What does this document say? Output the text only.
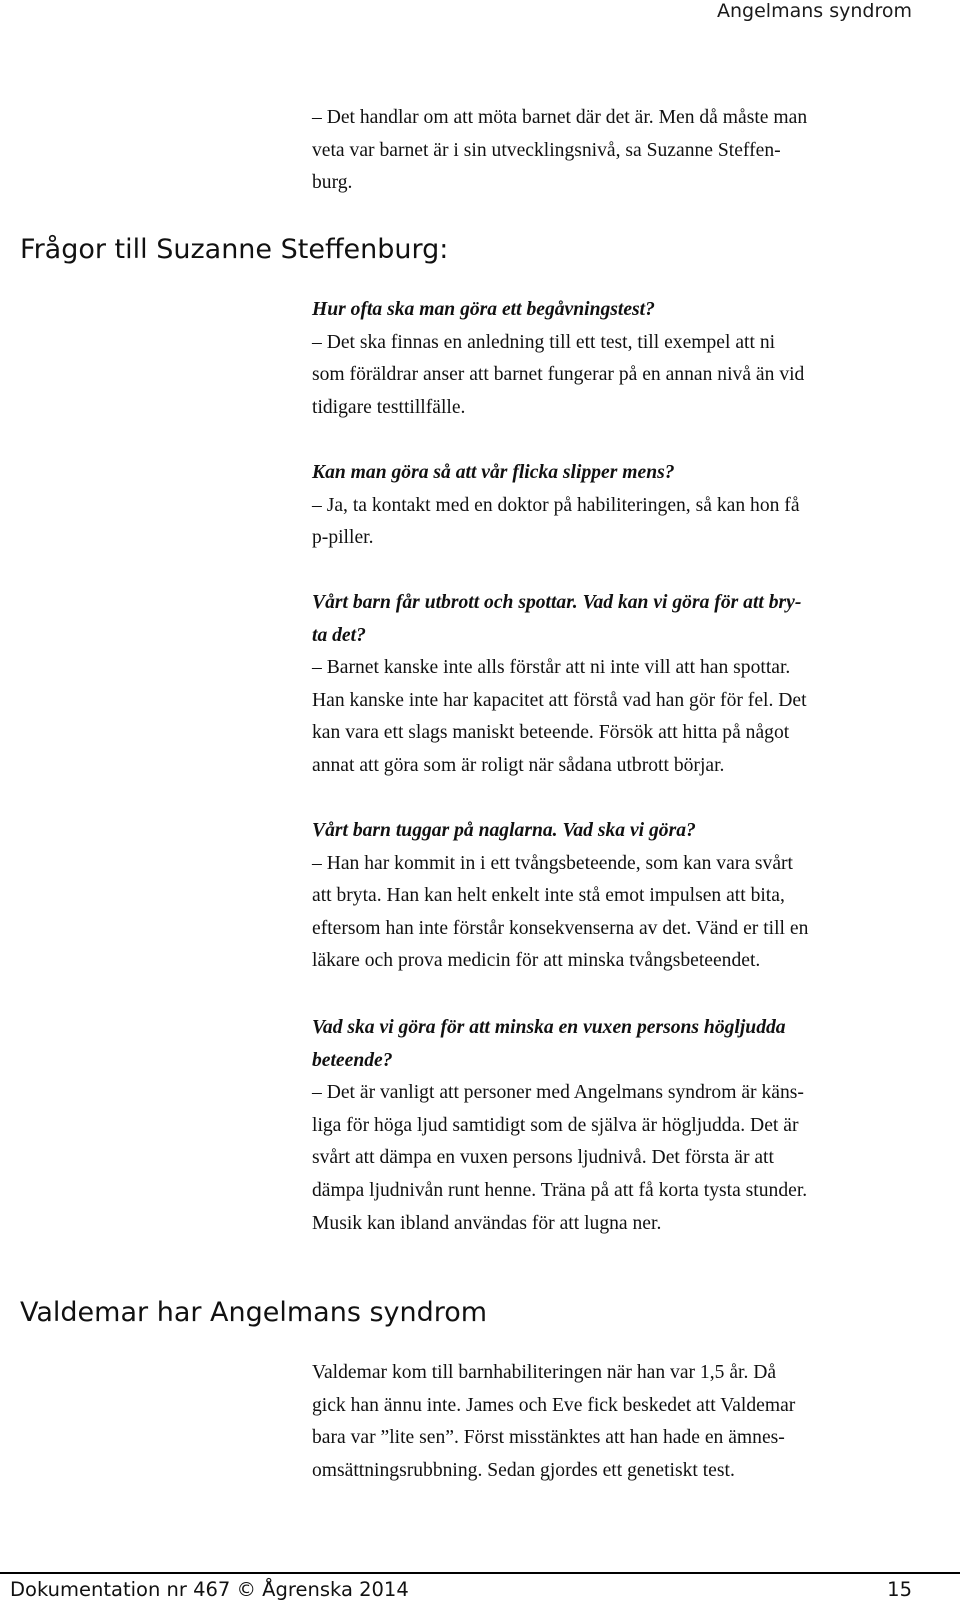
Angelmans syndrom

– Det handlar om att möta barnet där det är. Men då måste man

veta var barnet är i sin utvecklingsnivå, sa Suzanne Steffen-

burg.

Frågor till Suzanne Steffenburg:

Hur ofta ska man göra ett begåvningstest?

– Det ska finnas en anledning till ett test, till exempel att ni

som föräldrar anser att barnet fungerar på en annan nivå än vid

tidigare testtillfälle.

Kan man göra så att vår flicka slipper mens?

– Ja, ta kontakt med en doktor på habiliteringen, så kan hon få

p-piller.

Vårt barn får utbrott och spottar. Vad kan vi göra för att bry-

ta det?

– Barnet kanske inte alls förstår att ni inte vill att han spottar.

Han kanske inte har kapacitet att förstå vad han gör för fel. Det

kan vara ett slags maniskt beteende. Försök att hitta på något

annat att göra som är roligt när sådana utbrott börjar.

Vårt barn tuggar på naglarna. Vad ska vi göra?

– Han har kommit in i ett tvångsbeteende, som kan vara svårt

att bryta. Han kan helt enkelt inte stå emot impulsen att bita,

eftersom han inte förstår konsekvenserna av det. Vänd er till en

läkare och prova medicin för att minska tvångsbeteendet.

Vad ska vi göra för att minska en vuxen persons högljudda

beteende?

– Det är vanligt att personer med Angelmans syndrom är käns-

liga för höga ljud samtidigt som de själva är högljudda. Det är

svårt att dämpa en vuxen persons ljudnivå. Det första är att

dämpa ljudnivån runt henne. Träna på att få korta tysta stunder.

Musik kan ibland användas för att lugna ner.

Valdemar har Angelmans syndrom

Valdemar kom till barnhabiliteringen när han var 1,5 år. Då

gick han ännu inte. James och Eve fick beskedet att Valdemar

bara var ”lite sen”. Först misstänktes att han hade en ämnes-

omsättningsrubbning. Sedan gjordes ett genetiskt test.

Dokumentation nr 467 © Ågrenska 2014	15
